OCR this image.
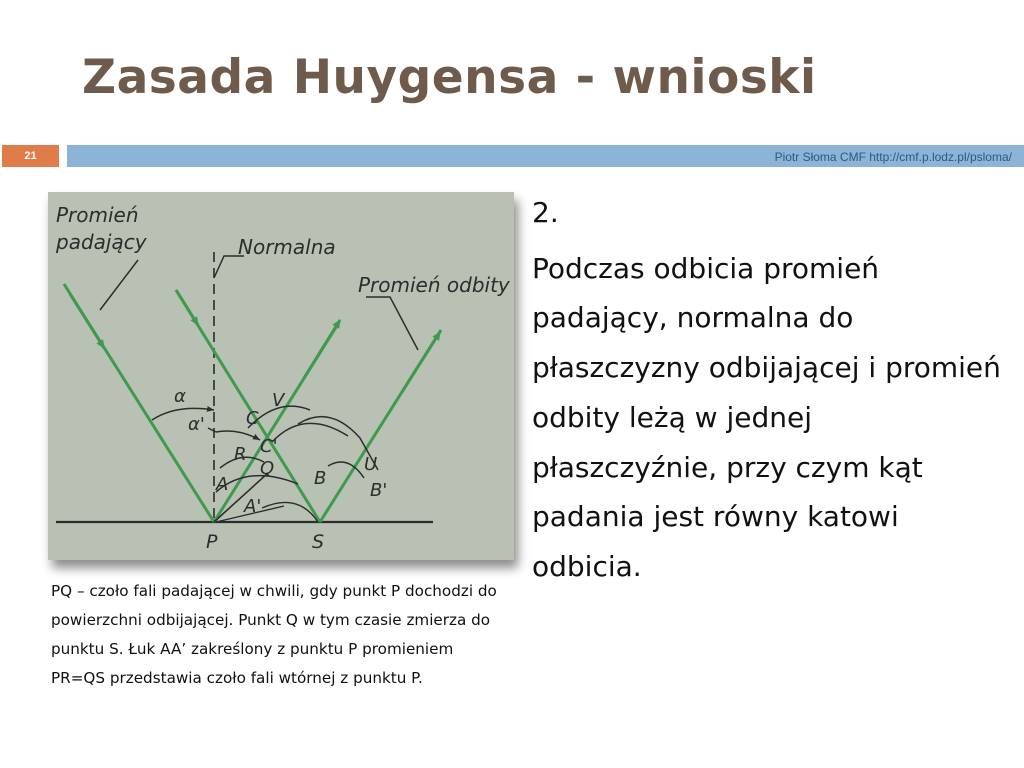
Zasada Huygensa - wnioski
21	Piotr Słoma CMF http://cmf.p.lodz.pl/psloma/
Promień
padający	Normalna
Promień odbity
α
α' C
V
C'
R
Q
A
A'
B
B'
U
P	S
PQ – czoło fali padającej w chwili, gdy punkt P dochodzi do powierzchni odbijającej. Punkt Q w tym czasie zmierza do punktu S. Łuk AA’ zakreślony z punktu P promieniem PR=QS przedstawia czoło fali wtórnej z punktu P.
2.

Podczas odbicia promień padający, normalna do płaszczyzny odbijającej i promień odbity leżą w jednej płaszczyźnie, przy czym kąt padania jest równy katowi odbicia.
